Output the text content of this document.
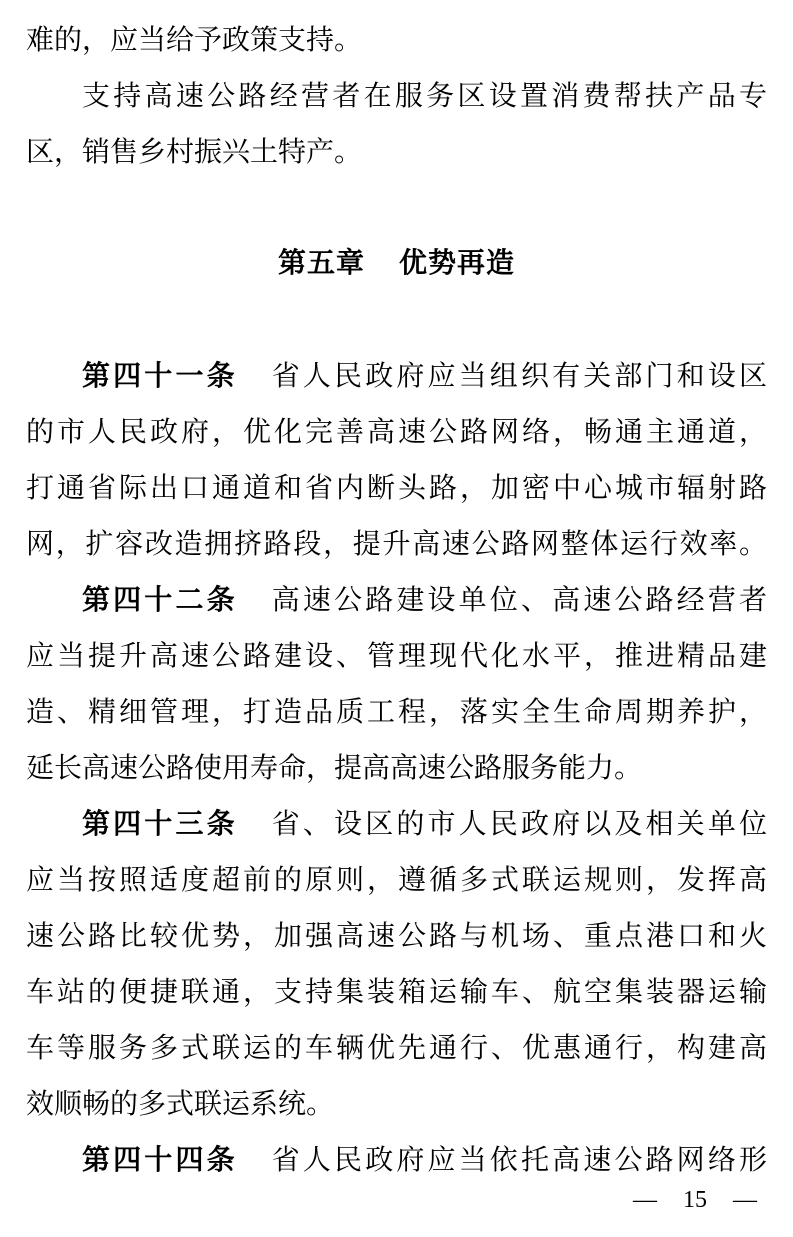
难的，应当给予政策支持。
支持高速公路经营者在服务区设置消费帮扶产品专
区，销售乡村振兴土特产。
第五章 优势再造
第四十一条 省人民政府应当组织有关部门和设区
的市人民政府，优化完善高速公路网络，畅通主通道，
打通省际出口通道和省内断头路，加密中心城市辐射路
网，扩容改造拥挤路段，提升高速公路网整体运行效率。
第四十二条 高速公路建设单位、高速公路经营者
应当提升高速公路建设、管理现代化水平，推进精品建
造、精细管理，打造品质工程，落实全生命周期养护，
延长高速公路使用寿命，提高高速公路服务能力。
第四十三条 省、设区的市人民政府以及相关单位
应当按照适度超前的原则，遵循多式联运规则，发挥高
速公路比较优势，加强高速公路与机场、重点港口和火
车站的便捷联通，支持集装箱运输车、航空集装器运输
车等服务多式联运的车辆优先通行、优惠通行，构建高
效顺畅的多式联运系统。
第四十四条 省人民政府应当依托高速公路网络形
— 15 —
